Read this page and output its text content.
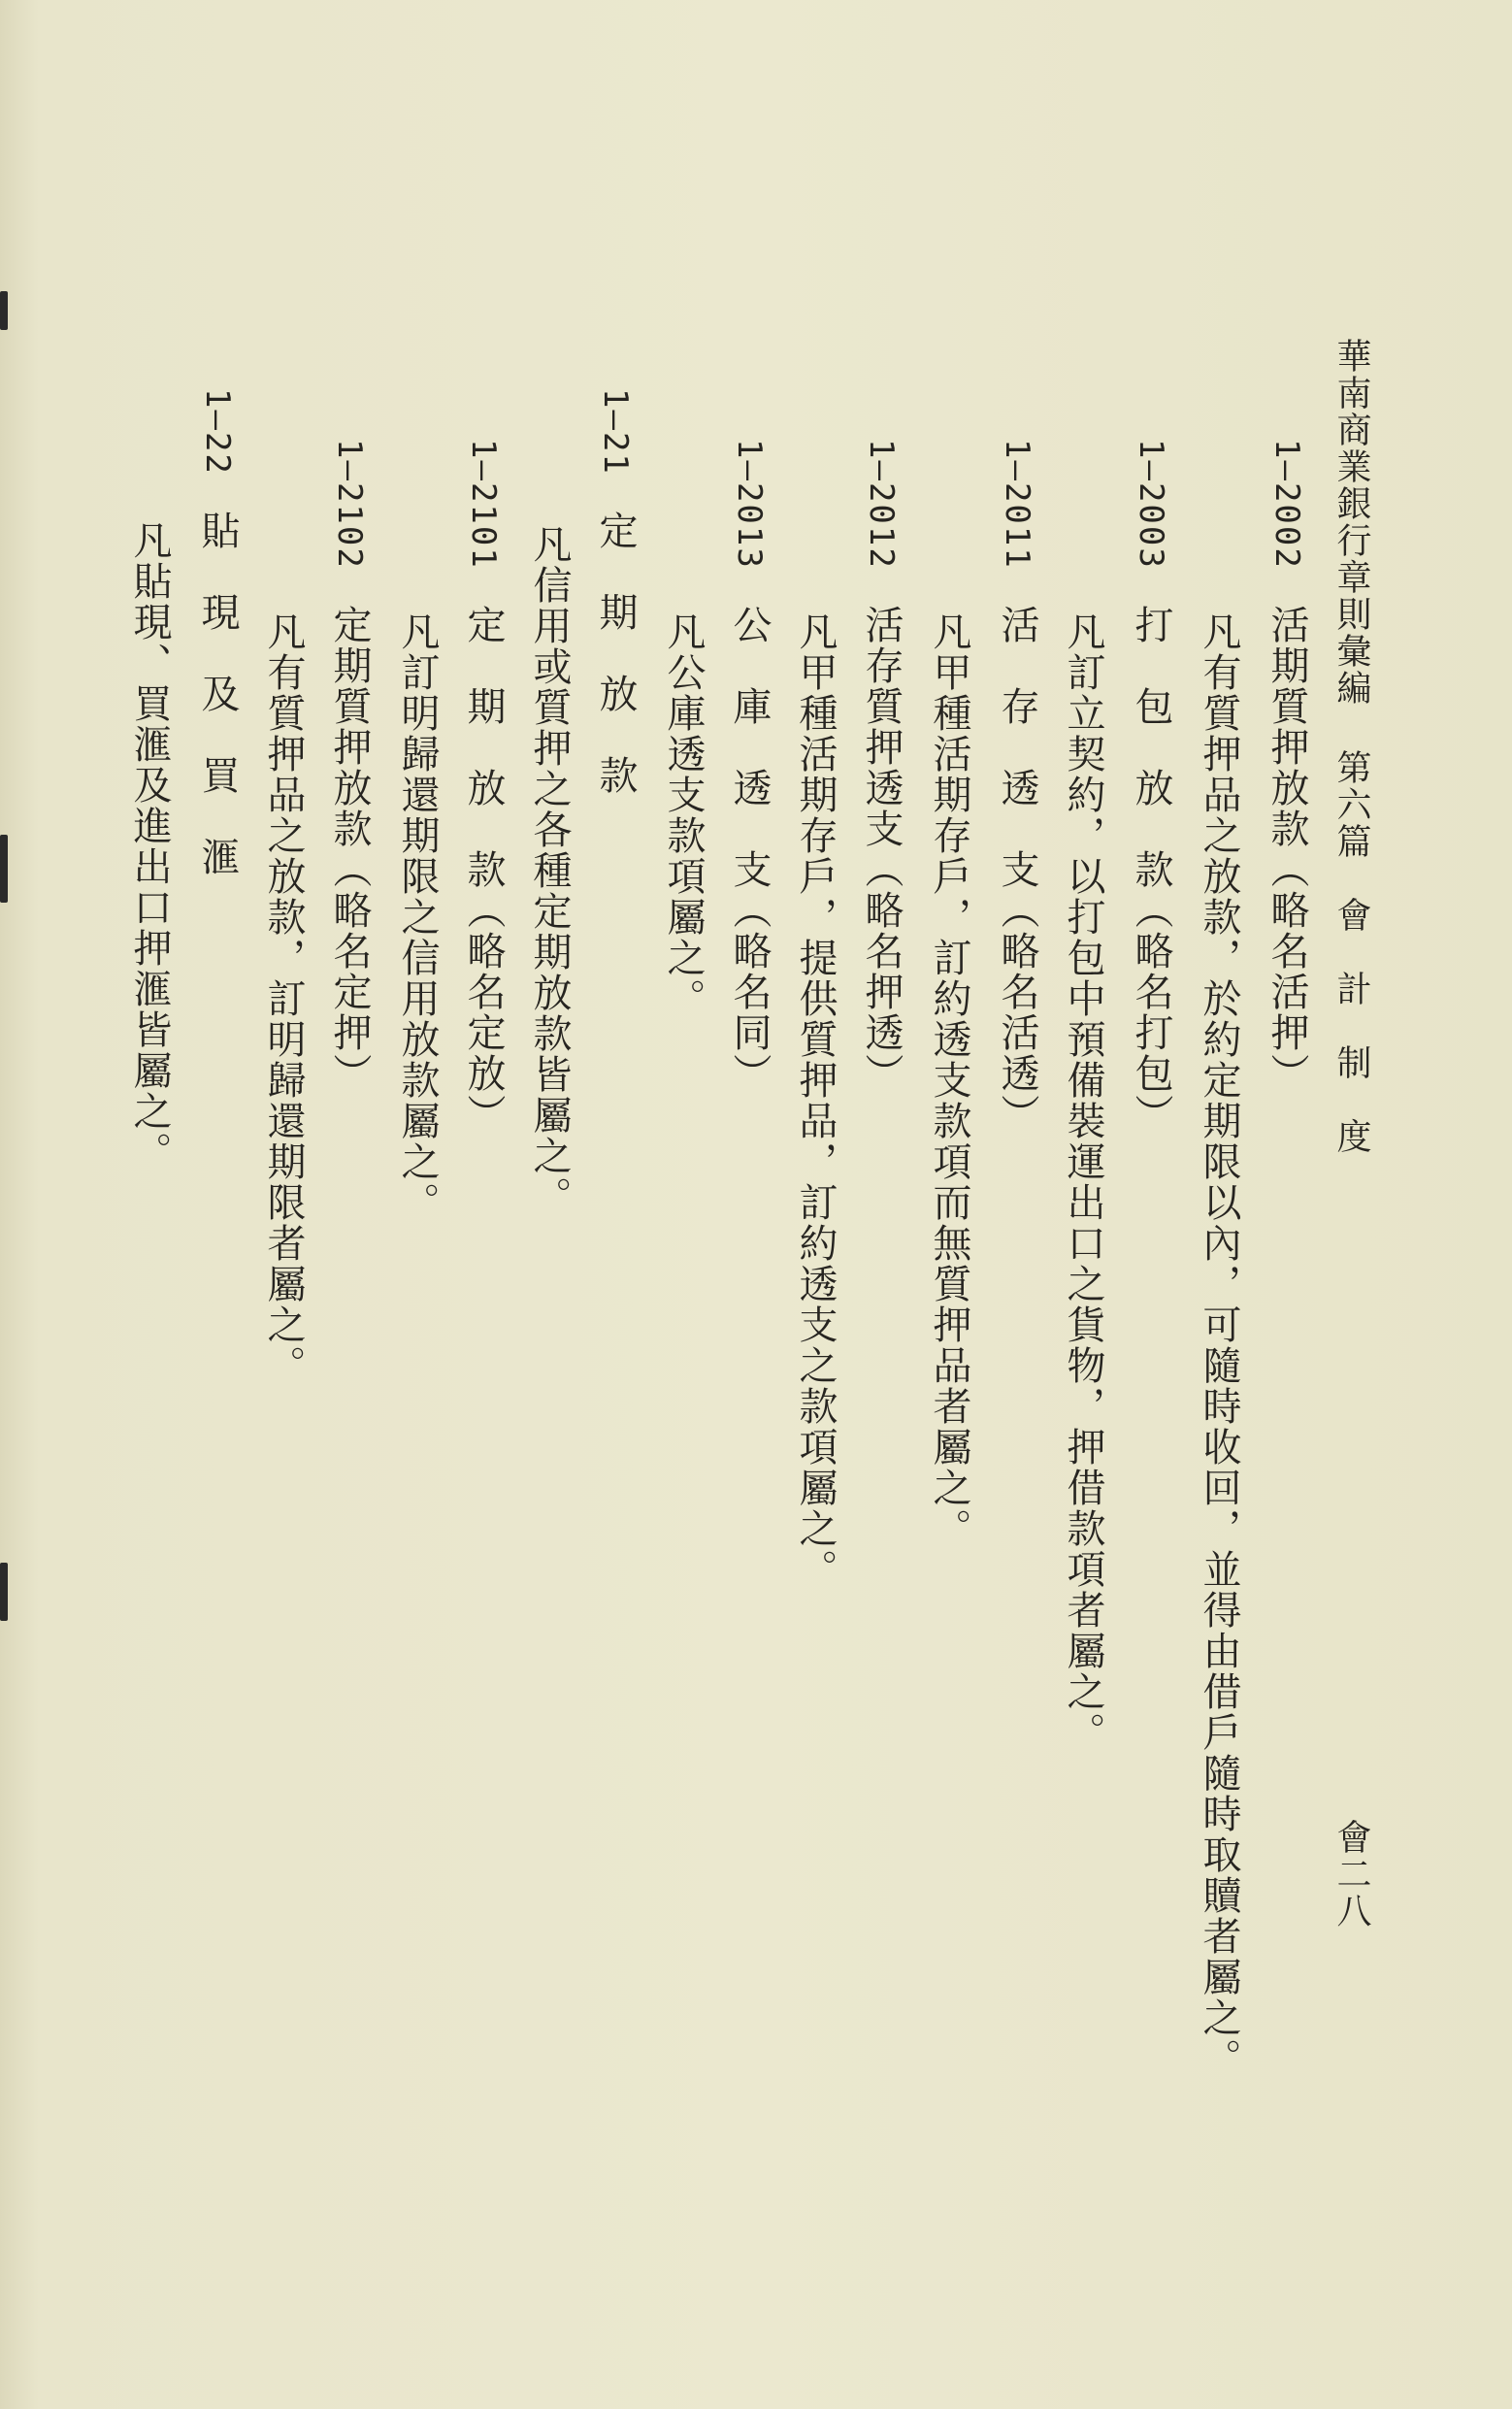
華南商業銀行章則彙編第六篇　會　計　制　度
會二八
1—2002活期質押放款（略名活押）
凡有質押品之放款，於約定期限以內，可隨時收回，並得由借戶隨時取贖者屬之。
1—2003打　包　放　款（略名打包）
凡訂立契約，以打包中預備裝運出口之貨物，押借款項者屬之。
1—2011活　存　透　支（略名活透）
凡甲種活期存戶，訂約透支款項而無質押品者屬之。
1—2012活存質押透支（略名押透）
凡甲種活期存戶，提供質押品，訂約透支之款項屬之。
1—2013公　庫　透　支（略名同）
凡公庫透支款項屬之。
1—21定　期　放　款
凡信用或質押之各種定期放款皆屬之。
1–2101定　期　放　款（略名定放）
凡訂明歸還期限之信用放款屬之。
1—2102定期質押放款（略名定押）
凡有質押品之放款，訂明歸還期限者屬之。
1—22貼　現　及　買　滙
凡貼現、買滙及進出口押滙皆屬之。
